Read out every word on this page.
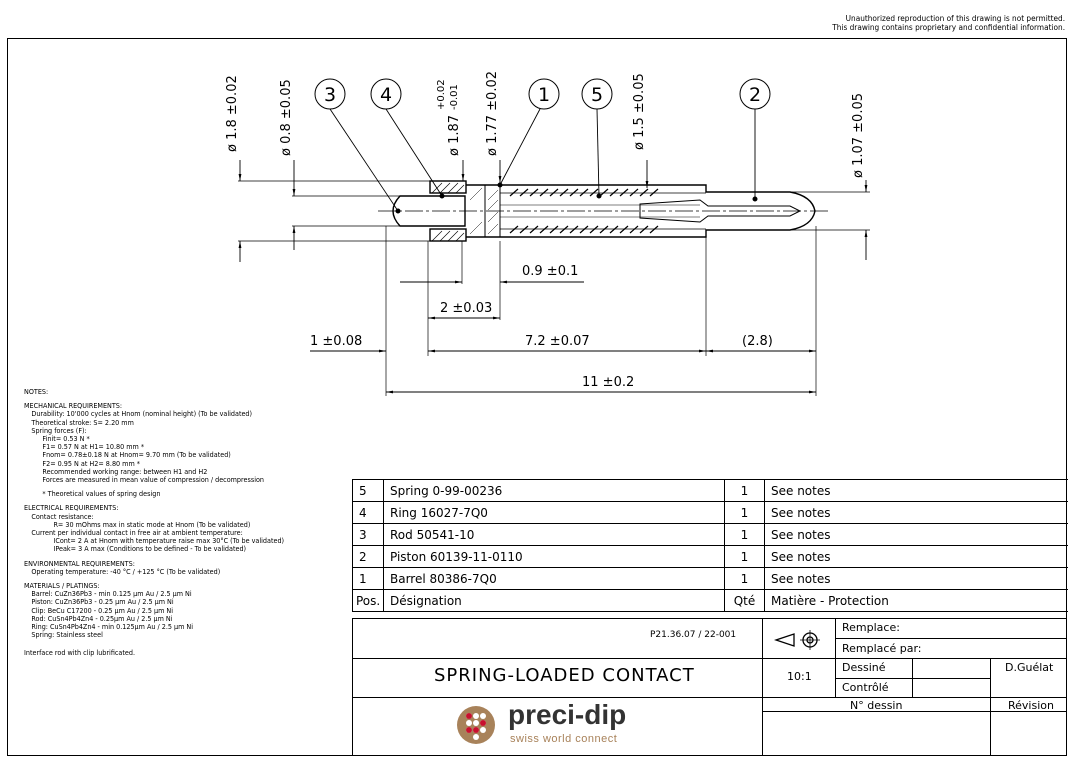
Unauthorized reproduction of this drawing is not permitted.
This drawing contains proprietary and confidential information.
3 4	1 5	2
ø 1.8 ±0.02	ø 0.8 ±0.05	ø 1.87
+0.02 -0.01 ø 1.77 ±0.02	ø 1.5 ±0.05	ø 1.07 ±0.05
0.9 ±0.1
2 ±0.03
1 ±0.08	7.2 ±0.07	(2.8)
11 ±0.2
NOTES:
MECHANICAL REQUIREMENTS:
Durability: 10'000 cycles at Hnom (nominal height) (To be validated)
Theoretical stroke: S= 2.20 mm
Spring forces (F):
Finit= 0.53 N *
F1= 0.57 N at H1= 10.80 mm *
Fnom= 0.78±0.18 N at Hnom= 9.70 mm (To be validated)
F2= 0.95 N at H2= 8.80 mm *
Recommended working range: between H1 and H2
Forces are measured in mean value of compression / decompression
* Theoretical values of spring design
ELECTRICAL REQUIREMENTS:
Contact resistance:
R= 30 mOhms max in static mode at Hnom (To be validated)
Current per individual contact in free air at ambient temperature:
ICont= 2 A at Hnom with temperature raise max 30°C (To be validated)
IPeak= 3 A max (Conditions to be defined - To be validated)
ENVIRONMENTAL REQUIREMENTS:
Operating temperature: -40 °C / +125 °C (To be validated)
MATERIALS / PLATINGS:
Barrel: CuZn36Pb3 - min 0.125 µm Au / 2.5 µm Ni
Piston: CuZn36Pb3 - 0.25 µm Au / 2.5 µm Ni
Clip: BeCu C17200 - 0.25 µm Au / 2.5 µm Ni
Rod: CuSn4Pb4Zn4 - 0.25µm Au / 2.5 µm Ni
Ring: CuSn4Pb4Zn4 - min 0.125µm Au / 2.5 µm Ni
Spring: Stainless steel
Interface rod with clip lubrificated.
5	Spring 0-99-00236	1	See notes
4	Ring 16027-7Q0	1	See notes
3	Rod 50541-10	1	See notes
2	Piston 60139-11-0110	1	See notes
1	Barrel 80386-7Q0	1	See notes
Pos.	Désignation	Qté	Matière - Protection
P21.36.07 / 22-001
Remplace:
Remplacé par:
SPRING-LOADED CONTACT	10:1
Dessiné
Contrôlé
D.Guélat
N° dessin	Révision
preci-dip
swiss world connect
